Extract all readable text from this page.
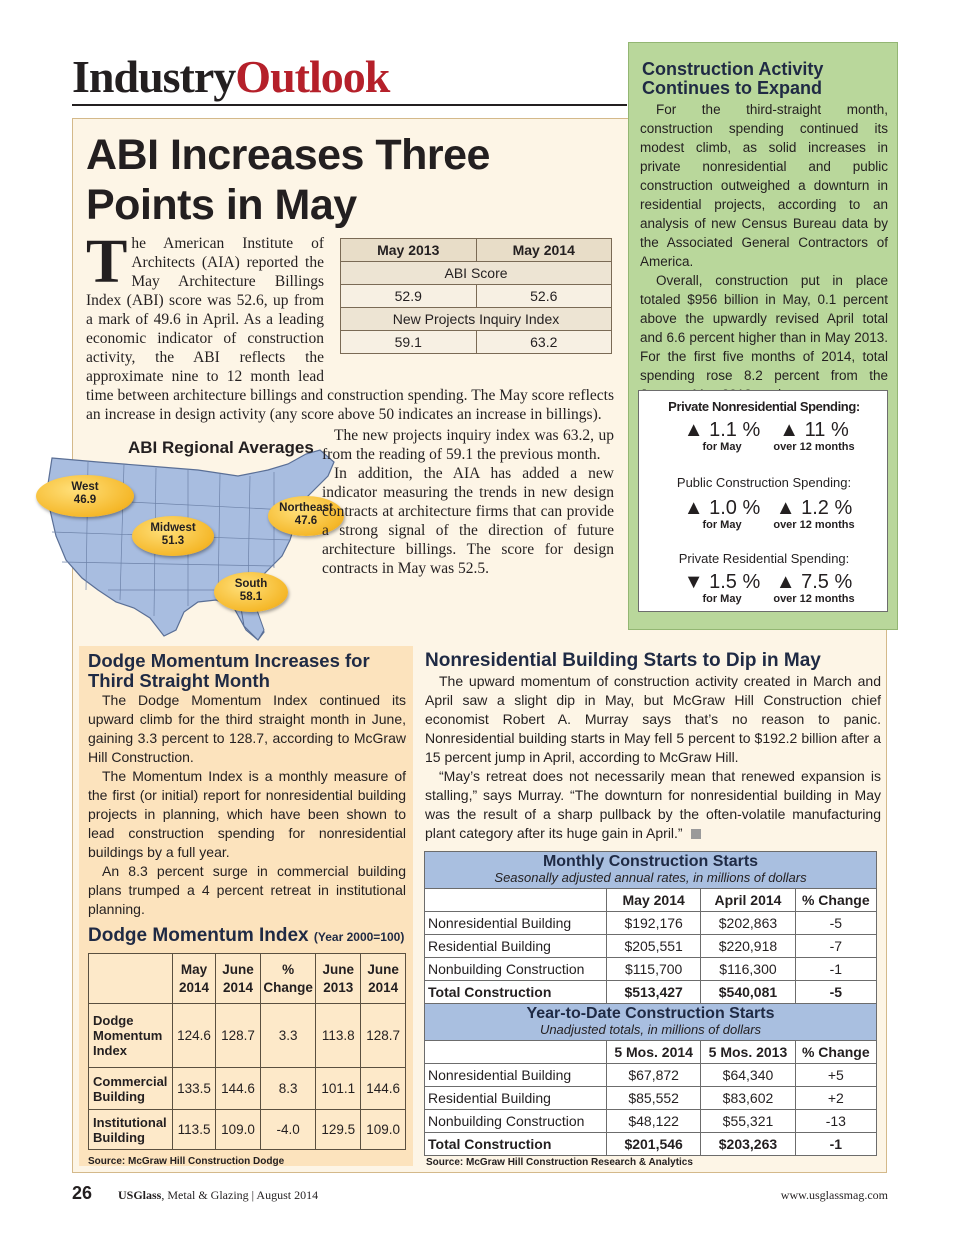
IndustryOutlook
ABI Increases Three Points in May

The American Institute of Architects (AIA) reported the May Architecture Billings Index (ABI) score was 52.6, up from a mark of 49.6 in April. As a leading economic indicator of construction activity, the ABI reflects the approximate nine to 12 month lead time between architecture billings and construction spending. The May score reflects an increase in design activity (any score above 50 indicates an increase in billings).

May 2013	May 2014
ABI Score	
52.9	52.6
New Projects Inquiry Index	
59.1	63.2
ABI Regional Averages
West
46.9
Midwest
51.3
Northeast
47.6
South
58.1

The new projects inquiry index was 63.2, up from the reading of 59.1 the previous month.

In addition, the AIA has added a new indicator measuring the trends in new design contracts at architecture firms that can provide a strong signal of the direction of future architecture billings. The score for design contracts in May was 52.5.

Construction Activity Continues to Expand

For the third-straight month, construction spending continued its modest climb, as solid increases in private nonresidential and public construction outweighed a downturn in residential projects, according to an analysis of new Census Bureau data by the Associated General Contractors of America.

Overall, construction put in place totaled $956 billion in May, 0.1 percent above the upwardly revised April total and 6.6 percent higher than in May 2013. For the first five months of 2014, total spending rose 8.2 percent from the

Private Nonresidential Spending:
▲ 1.1 %
for May
▲ 11 %
over 12 months
Public Construction Spending:
▲ 1.0 %
for May
▲ 1.2 %
over 12 months
Private Residential Spending:
▼ 1.5 %
for May
▲ 7.5 %
over 12 months
Dodge Momentum Increases for Third Straight Month

The Dodge Momentum Index continued its upward climb for the third straight month in June, gaining 3.3 percent to 128.7, according to McGraw Hill Construction.

The Momentum Index is a monthly measure of the first (or initial) report for nonresidential building projects in planning, which have been shown to lead construction spending for nonresidential buildings by a full year.

An 8.3 percent surge in commercial building plans trumped a 4 percent retreat in institutional planning.

Dodge Momentum Index (Year 2000=100)
	May 2014	June 2014	% Change	June 2013	June 2014
Dodge Momentum Index	124.6	128.7	3.3	113.8	128.7
Commercial Building	133.5	144.6	8.3	101.1	144.6
Institutional Building	113.5	109.0	-4.0	129.5	109.0
Source: McGraw Hill Construction Dodge
Nonresidential Building Starts to Dip in May

The upward momentum of construction activity created in March and April saw a slight dip in May, but McGraw Hill Construction chief economist Robert A. Murray says that’s no reason to panic. Nonresidential building starts in May fell 5 percent to $192.2 billion after a 15 percent jump in April, according to McGraw Hill.

“May’s retreat does not necessarily mean that renewed expansion is stalling,” says Murray. “The downturn for nonresidential building in May was the result of a sharp pullback by the often-volatile manufacturing plant category after its huge gain in April.”

Monthly Construction Starts
Seasonally adjusted annual rates, in millions of dollars			

	May 2014	April 2014	% Change
Nonresidential Building	$192,176	$202,863	-5
Residential Building	$205,551	$220,918	-7
Nonbuilding Construction	$115,700	$116,300	-1
Total Construction	$513,427	$540,081	-5

Year-to-Date Construction Starts
Unadjusted totals, in millions of dollars			

	5 Mos. 2014	5 Mos. 2013	% Change
Nonresidential Building	$67,872	$64,340	+5
Residential Building	$85,552	$83,602	+2
Nonbuilding Construction	$48,122	$55,321	-13
Total Construction	$201,546	$203,263	-1
Source: McGraw Hill Construction Research & Analytics
26 USGlass, Metal & Glazing | August 2014	www.usglassmag.com
